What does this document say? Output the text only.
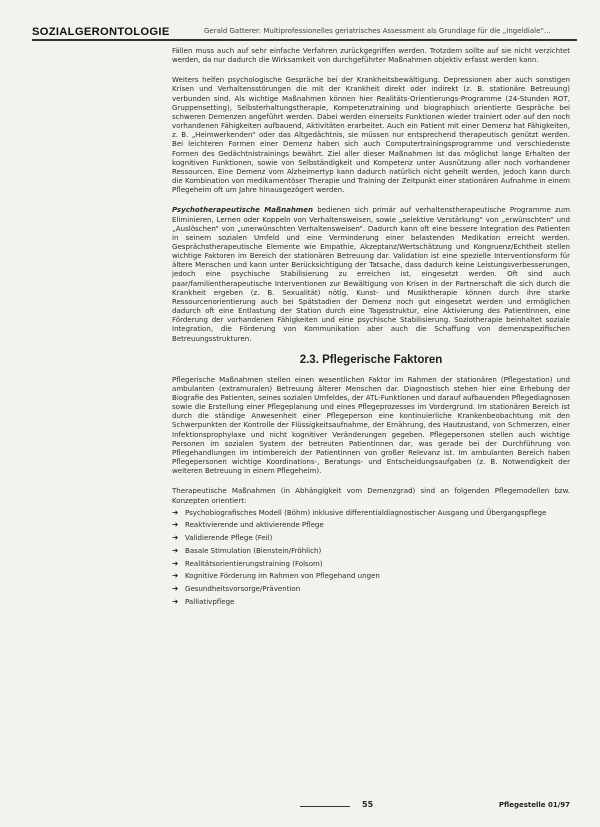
SOZIALGERONTOLOGIE	Gerald Gatterer: Multiprofessionelles geriatrisches Assessment als Grundlage für die „Ingeldiale“...

Fällen muss auch auf sehr einfache Verfahren zurückgegriffen werden. Trotzdem sollte auf sie nicht verzichtet werden, da nur dadurch die Wirksamkeit von durchgeführter Maßnahmen objektiv erfasst werden kann.

Weiters helfen psychologische Gespräche bei der Krankheitsbewältigung. Depressionen aber auch sonstigen Krisen und Verhaltensstörungen die mit der Krankheit direkt oder indirekt (z. B. stationäre Betreuung) verbunden sind. Als wichtige Maßnahmen können hier Realitäts-Orientierungs-Programme (24-Stunden ROT, Gruppensetting), Selbsterhaltungstherapie, Kompetenztraining und biographisch orientierte Gespräche bei schweren Demenzen angeführt werden. Dabei werden einerseits Funktionen wieder trainiert oder auf den noch vorhandenen Fähigkeiten aufbauend, Aktivitäten erarbeitet. Auch ein Patient mit einer Demenz hat Fähigkeiten, z. B. „Heimwerkenden“ oder das Altgedächtnis, sie müssen nur entsprechend therapeutisch genützt werden. Bei leichteren Formen einer Demenz haben sich auch Computertrainingsprogramme und verschiedenste Formen des Gedächtnistrainings bewährt. Ziel aller dieser Maßnahmen ist das möglichst lange Erhalten der kognitiven Funktionen, sowie von Selbständigkeit und Kompetenz unter Ausnützung aller noch vorhandener Ressourcen. Eine Demenz vom Alzheimertyp kann dadurch natürlich nicht geheilt werden, jedoch kann durch die Kombination von medikamentöser Therapie und Training der Zeitpunkt einer stationären Aufnahme in einem Pflegeheim oft um Jahre hinausgezögert werden.

Psychotherapeutische Maßnahmen bedienen sich primär auf verhaltenstherapeutische Programme zum Eliminieren, Lernen oder Koppeln von Verhaltensweisen, sowie „selektive Verstärkung“ von „erwünschten“ und „Auslöschen“ von „unerwünschten Verhaltensweisen“. Dadurch kann oft eine bessere Integration des Patienten in seinem sozialen Umfeld und eine Verminderung einer belastenden Medikation erreicht werden. Gesprächstherapeutische Elemente wie Empathie, Akzeptanz/Wertschätzung und Kongruenz/Echtheit stellen wichtige Faktoren im Bereich der stationären Betreuung dar. Validation ist eine spezielle Interventionsform für ältere Menschen und kann unter Berücksichtigung der Tatsache, dass dadurch keine Leistungsverbesserungen, jedoch eine psychische Stabilisierung zu erreichen ist, eingesetzt werden. Oft sind auch paar/familientherapeutische Interventionen zur Bewältigung von Krisen in der Partnerschaft die sich durch die Krankheit ergeben (z. B. Sexualität) nötig. Kunst- und Musiktherapie können durch ihre starke Ressourcenorientierung auch bei Spätstadien der Demenz noch gut eingesetzt werden und ermöglichen dadurch oft eine Entlastung der Station durch eine Tagesstruktur, eine Aktivierung des Patientinnen, eine Förderung der vorhandenen Fähigkeiten und eine psychische Stabilisierung. Soziotherapie beinhaltet soziale Integration, die Förderung von Kommunikation aber auch die Schaffung von demenzspezifischen Betreuungsstrukturen.

2.3. Pflegerische Faktoren

Pflegerische Maßnahmen stellen einen wesentlichen Faktor im Rahmen der stationären (Pflegestation) und ambulanten (extramuralen) Betreuung älterer Menschen dar. Diagnostisch stehen hier eine Erhebung der Biografie des Patienten, seines sozialen Umfeldes, der ATL-Funktionen und darauf aufbauenden Pflegediagnosen sowie die Erstellung einer Pflegeplanung und eines Pflegeprozesses im Vordergrund. Im stationären Bereich ist durch die ständige Anwesenheit einer Pflegeperson eine kontinuierliche Krankenbeobachtung mit den Schwerpunkten der Kontrolle der Flüssigkeitsaufnahme, der Ernährung, des Hautzustand, von Schmerzen, einer Infektionsprophylaxe und nicht kognitiver Veränderungen gegeben. Pflegepersonen stellen auch wichtige Personen im sozialen System der betreuten Patientinnen dar, was gerade bei der Durchführung von Pflegehandlungen im intimbereich der Patientinnen von großer Relevanz ist. Im ambulanten Bereich haben Pflegepersonen wichtige Koordinations-, Beratungs- und Entscheidungsaufgaben (z. B. Notwendigkeit der weiteren Betreuung in einem Pflegeheim).

Therapeutische Maßnahmen (in Abhängigkeit vom Demenzgrad) sind an folgenden Pflegemodellen bzw. Konzepten orientiert:

➜ Psychobiografisches Modell (Böhm) inklusive differentialdiagnostischer Ausgang und Übergangspflege
➜ Reaktivierende und aktivierende Pflege
➜ Validierende Pflege (Feil)
➜ Basale Stimulation (Bienstein/Fröhlich)
➜ Realitätsorientierungstraining (Folsom)
➜ Kognitive Förderung im Rahmen von Pflegehand ungen
➜ Gesundheitsvorsorge/Prävention
➜ Palliativpflege
55	Pflegestelle 01/97
